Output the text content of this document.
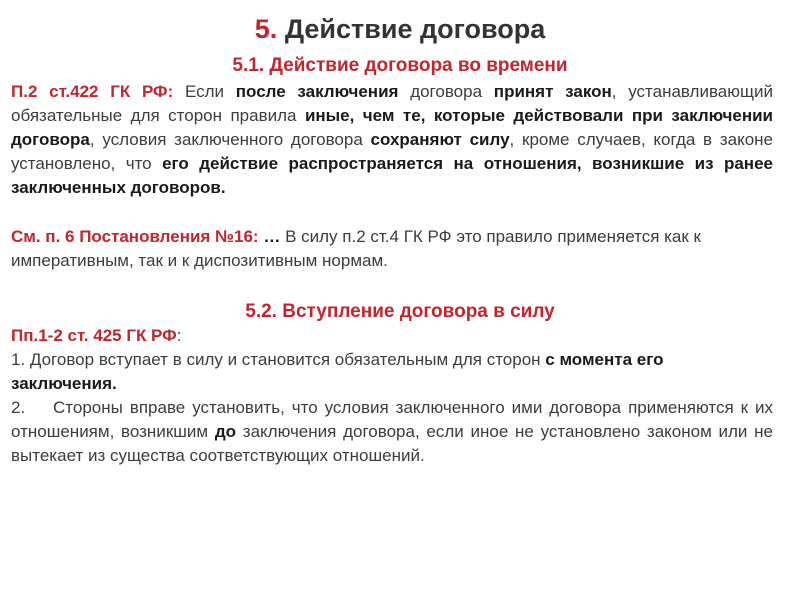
5. Действие договора
5.1. Действие договора во времени
П.2 ст.422 ГК РФ: Если после заключения договора принят закон, устанавливающий обязательные для сторон правила иные, чем те, которые действовали при заключении договора, условия заключенного договора сохраняют силу, кроме случаев, когда в законе установлено, что его действие распространяется на отношения, возникшие из ранее заключенных договоров.
См. п. 6 Постановления №16: … В силу п.2 ст.4 ГК РФ это правило применяется как к императивным, так и к диспозитивным нормам.
5.2. Вступление договора в силу
Пп.1-2 ст. 425 ГК РФ:
1. Договор вступает в силу и становится обязательным для сторон с момента его заключения.
2. Стороны вправе установить, что условия заключенного ими договора применяются к их отношениям, возникшим до заключения договора, если иное не установлено законом или не вытекает из существа соответствующих отношений.
